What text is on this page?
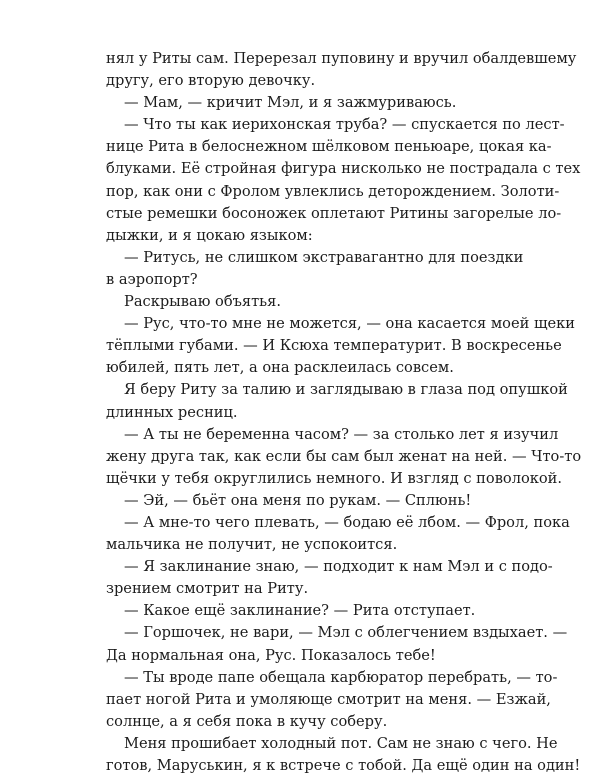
нял у Риты сам. Перерезал пуповину и вручил обалдевшему
другу, его вторую девочку.
— Мам, — кричит Мэл, и я зажмуриваюсь.
— Что ты как иерихонская труба? — спускается по лест-
нице Рита в белоснежном шёлковом пеньюаре, цокая ка-
блуками. Её стройная фигура нисколько не пострадала с тех
пор, как они с Фролом увлеклись деторождением. Золоти-
стые ремешки босоножек оплетают Ритины загорелые ло-
дыжки, и я цокаю языком:
— Ритусь, не слишком экстравагантно для поездки
в аэропорт?
Раскрываю объятья.
— Рус, что-то мне не можется, — она касается моей щеки
тёплыми губами. — И Ксюха температурит. В воскресенье
юбилей, пять лет, а она расклеилась совсем.
Я беру Риту за талию и заглядываю в глаза под опушкой
длинных ресниц.
— А ты не беременна часом? — за столько лет я изучил
жену друга так, как если бы сам был женат на ней. — Что-то
щёчки у тебя округлились немного. И взгляд с поволокой.
— Эй, — бьёт она меня по рукам. — Сплюнь!
— А мне-то чего плевать, — бодаю её лбом. — Фрол, пока
мальчика не получит, не успокоится.
— Я заклинание знаю, — подходит к нам Мэл и с подо-
зрением смотрит на Риту.
— Какое ещё заклинание? — Рита отступает.
— Горшочек, не вари, — Мэл с облегчением вздыхает. —
Да нормальная она, Рус. Показалось тебе!
— Ты вроде папе обещала карбюратор перебрать, — то-
пает ногой Рита и умоляюще смотрит на меня. — Езжай,
солнце, а я себя пока в кучу соберу.
Меня прошибает холодный пот. Сам не знаю с чего. Не
готов, Маруськин, я к встрече с тобой. Да ещё один на один!
